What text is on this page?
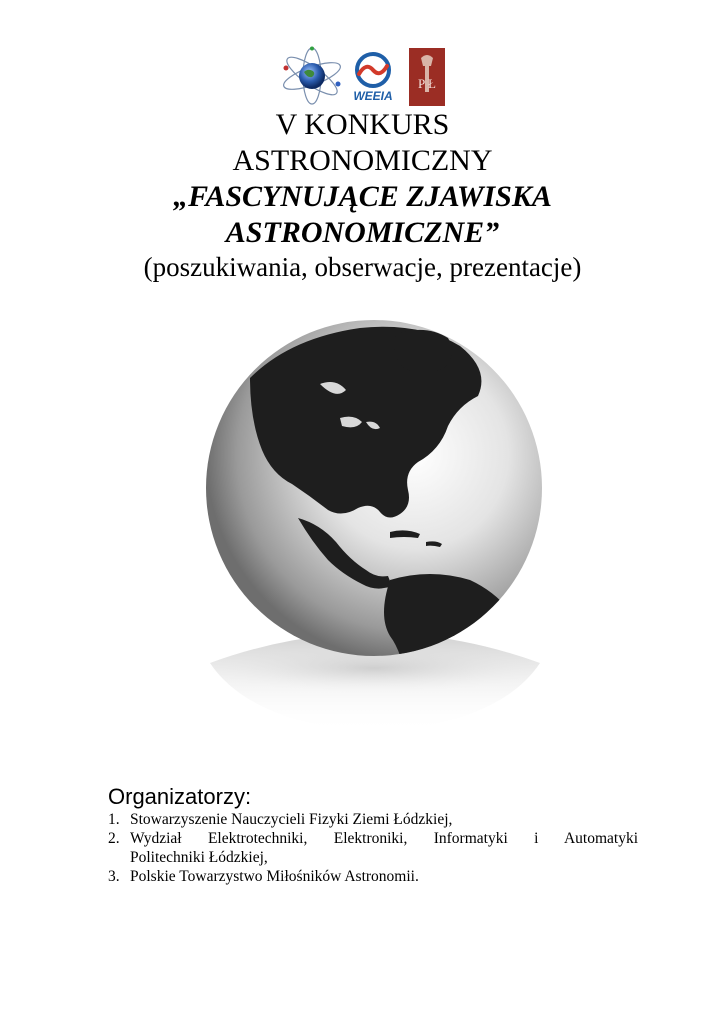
WEEIA
P Ł
V KONKURS
ASTRONOMICZNY
„FASCYNUJĄCE ZJAWISKA
ASTRONOMICZNE”
(poszukiwania, obserwacje, prezentacje)
Organizatorzy:
1. Stowarzyszenie Nauczycieli Fizyki Ziemi Łódzkiej,
2. Wydział Elektrotechniki, Elektroniki, Informatyki i Automatyki
Politechniki Łódzkiej,
3. Polskie Towarzystwo Miłośników Astronomii.
